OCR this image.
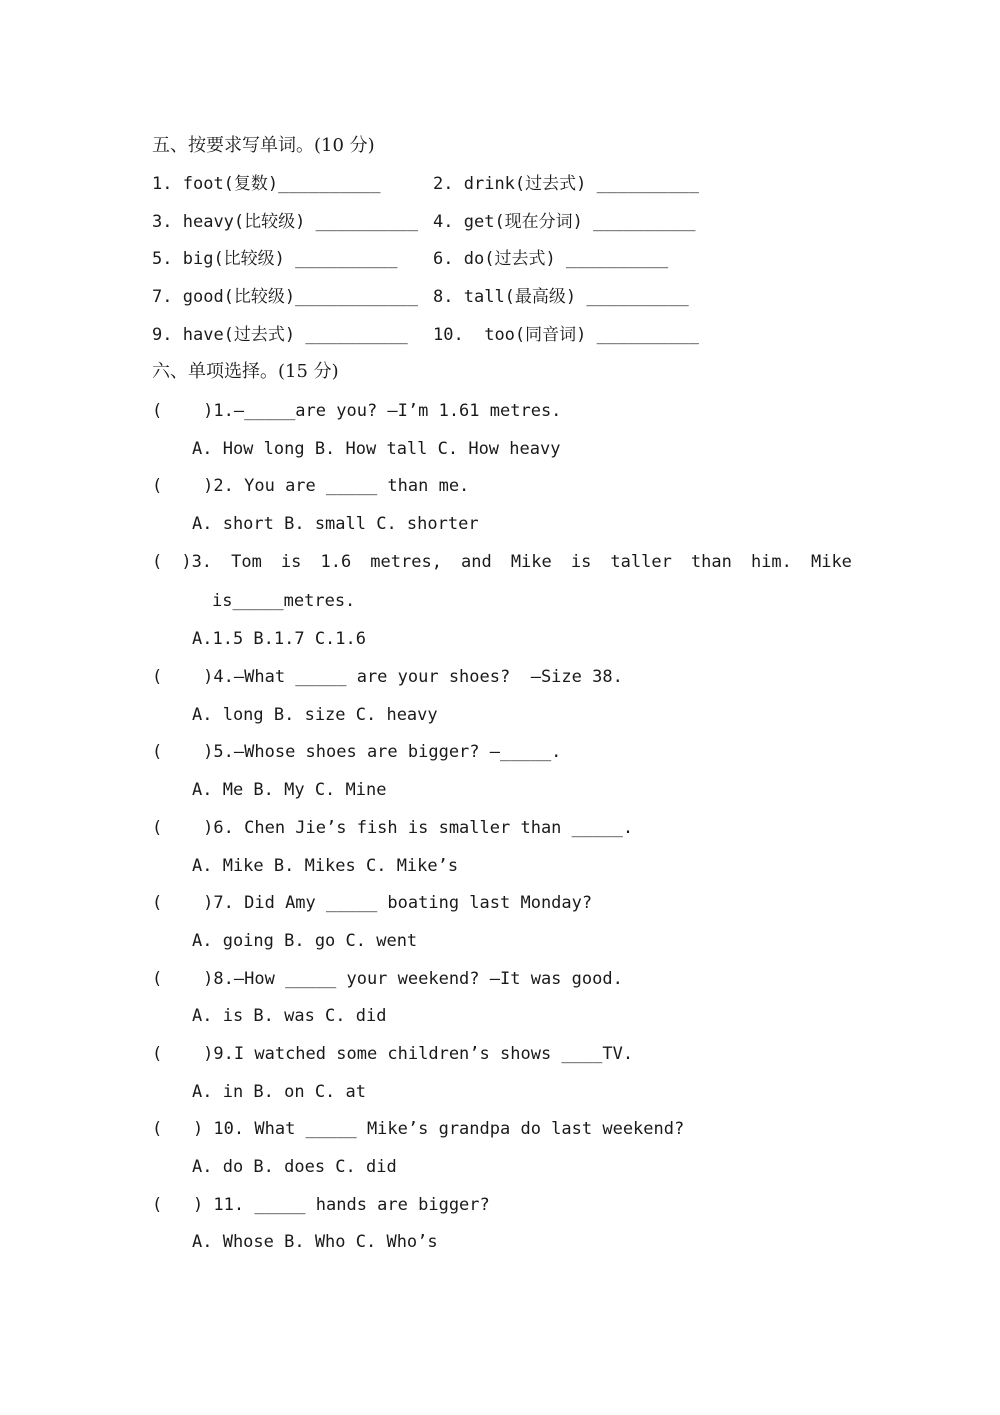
五、按要求写单词。(10 分)
1. foot(复数)__________	2. drink(过去式) __________
3. heavy(比较级) __________ 4. get(现在分词) __________
5. big(比较级) __________ 6. do(过去式) __________
7. good(比较级)____________ 8. tall(最高级) __________
9. have(过去式) __________ 10.  too(同音词) __________
六、单项选择。(15 分)
(    )1.—_____are you? —I’m 1.61 metres.
A. How long B. How tall C. How heavy
(    )2. You are _____ than me.
A. short B. small C. shorter
( )3. Tom is 1.6 metres, and Mike is taller than him. Mike
is_____metres.
A.1.5 B.1.7 C.1.6
(    )4.—What _____ are your shoes?  —Size 38.
A. long B. size C. heavy
(    )5.—Whose shoes are bigger? —_____.
A. Me B. My C. Mine
(    )6. Chen Jie’s fish is smaller than _____.
A. Mike B. Mikes C. Mike’s
(    )7. Did Amy _____ boating last Monday?
A. going B. go C. went
(    )8.—How _____ your weekend? —It was good.
A. is B. was C. did
(    )9.I watched some children’s shows ____TV.
A. in B. on C. at
(   ) 10. What _____ Mike’s grandpa do last weekend?
A. do B. does C. did
(   ) 11. _____ hands are bigger?
A. Whose B. Who C. Who’s
